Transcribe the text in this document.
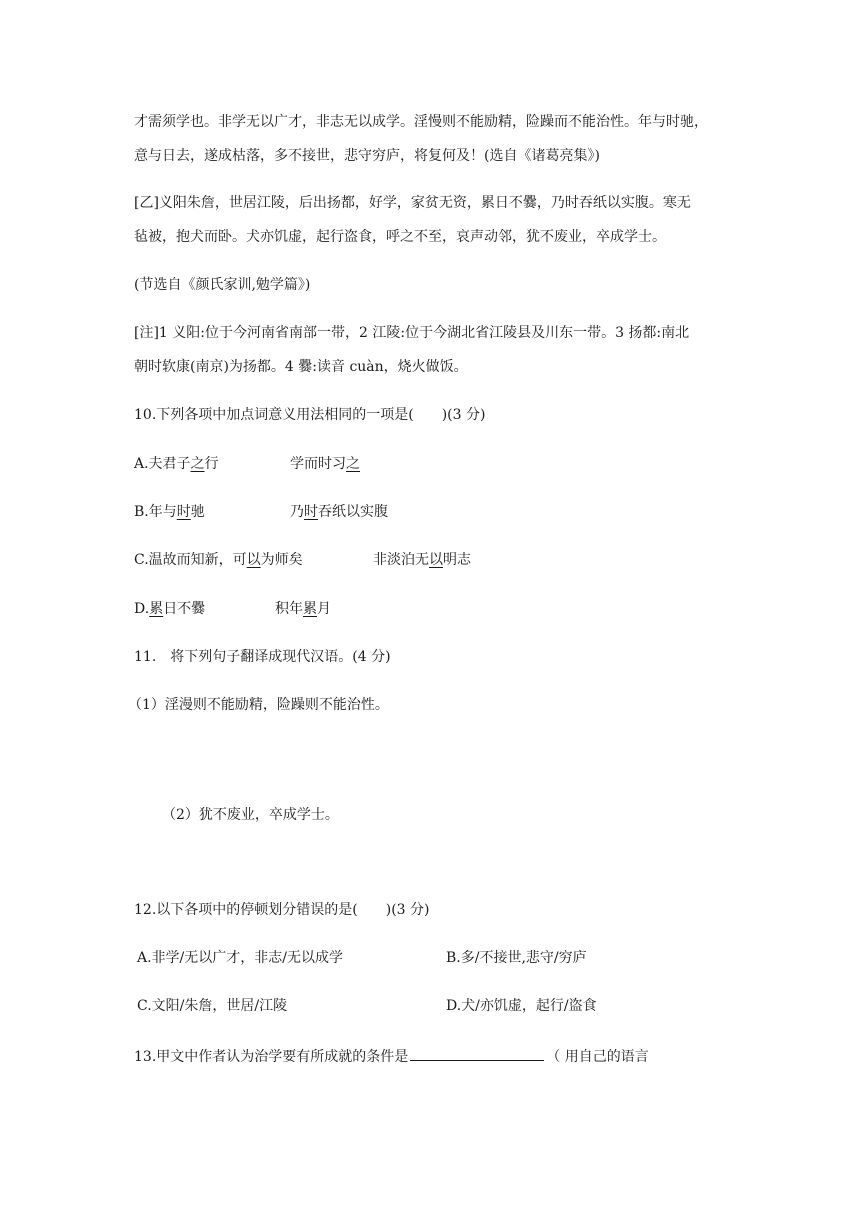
才需须学也。非学无以广才，非志无以成学。淫慢则不能励精，险躁而不能治性。年与时驰，
意与日去，遂成枯落，多不接世，悲守穷庐，将复何及！(选自《诸葛亮集》)
[乙]义阳朱詹，世居江陵，后出扬都，好学，家贫无资，累日不爨，乃时吞纸以实腹。寒无
毡被，抱犬而卧。犬亦饥虚，起行盗食，呼之不至，哀声动邻，犹不废业，卒成学士。
(节选自《颜氏家训,勉学篇》)
[注]1 义阳:位于今河南省南部一带，2 江陵:位于今湖北省江陵县及川东一带。3 扬都:南北
朝时软康(南京)为扬都。4 爨:读音 cuàn，烧火做饭。
10.下列各项中加点词意义用法相同的一项是(　　)(3 分)
A.夫君子之行	学而时习之
B.年与时驰	乃时吞纸以实腹
C.温故而知新，可以为师矣	非淡泊无以明志
D.累日不爨	积年累月
11.　将下列句子翻译成现代汉语。(4 分)
（1）淫漫则不能励精，险躁则不能治性。
（2）犹不废业，卒成学士。
12.以下各项中的停顿划分错误的是(　　)(3 分)
A.非学/无以广才，非志/无以成学	B.多/不接世,悲守/穷庐
C.文阳/朱詹，世居/江陵	D.犬/亦饥虚，起行/盗食
13.甲文中作者认为治学要有所成就的条件是	（ 用自己的语言
